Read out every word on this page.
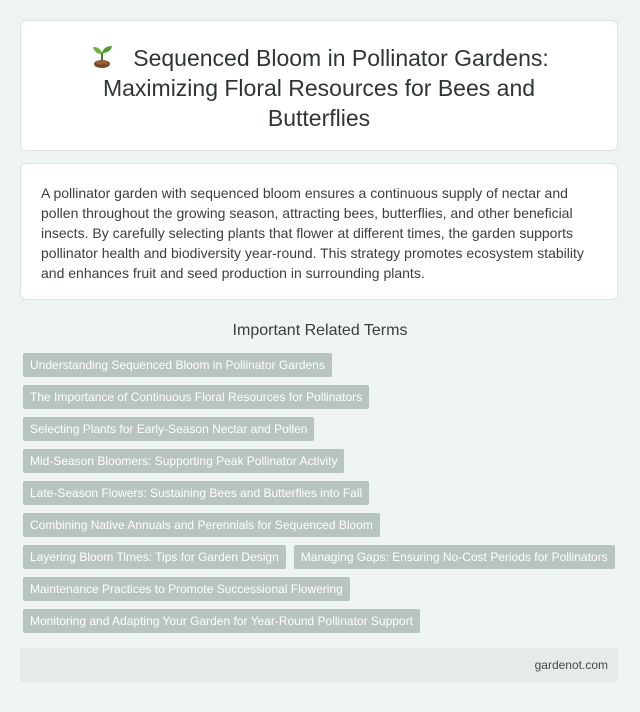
Sequenced Bloom in Pollinator Gardens: Maximizing Floral Resources for Bees and Butterflies

A pollinator garden with sequenced bloom ensures a continuous supply of nectar and pollen throughout the growing season, attracting bees, butterflies, and other beneficial insects. By carefully selecting plants that flower at different times, the garden supports pollinator health and biodiversity year-round. This strategy promotes ecosystem stability and enhances fruit and seed production in surrounding plants.

Important Related Terms
Understanding Sequenced Bloom in Pollinator Gardens
The Importance of Continuous Floral Resources for Pollinators
Selecting Plants for Early-Season Nectar and Pollen
Mid-Season Bloomers: Supporting Peak Pollinator Activity
Late-Season Flowers: Sustaining Bees and Butterflies into Fall
Combining Native Annuals and Perennials for Sequenced Bloom
Layering Bloom Times: Tips for Garden Design	Managing Gaps: Ensuring No-Cost Periods for Pollinators
Maintenance Practices to Promote Successional Flowering
Monitoring and Adapting Your Garden for Year-Round Pollinator Support
gardenot.com
